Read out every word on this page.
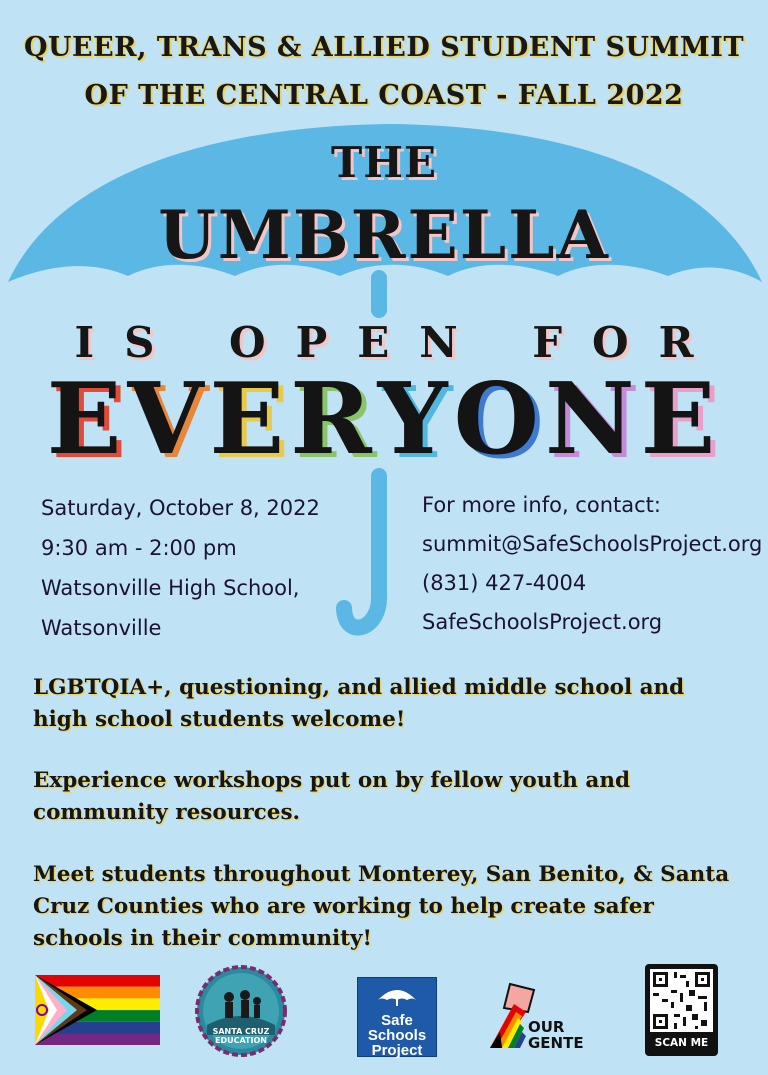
QUEER, TRANS & ALLIED STUDENT SUMMIT
OF THE CENTRAL COAST - FALL 2022
THE
UMBRELLA
IS OPEN FOR
EVERYONE
Saturday, October 8, 2022
9:30 am - 2:00 pm
Watsonville High School,
Watsonville
For more info, contact:
summit@SafeSchoolsProject.org
(831) 427-4004
SafeSchoolsProject.org
LGBTQIA+, questioning, and allied middle school and high school students welcome!
Experience workshops put on by fellow youth and community resources.
Meet students throughout Monterey, San Benito, & Santa Cruz Counties who are working to help create safer schools in their community!
SANTA CRUZ
EDUCATION
Safe
Schools
Project
OUR
GENTE	SCAN ME
